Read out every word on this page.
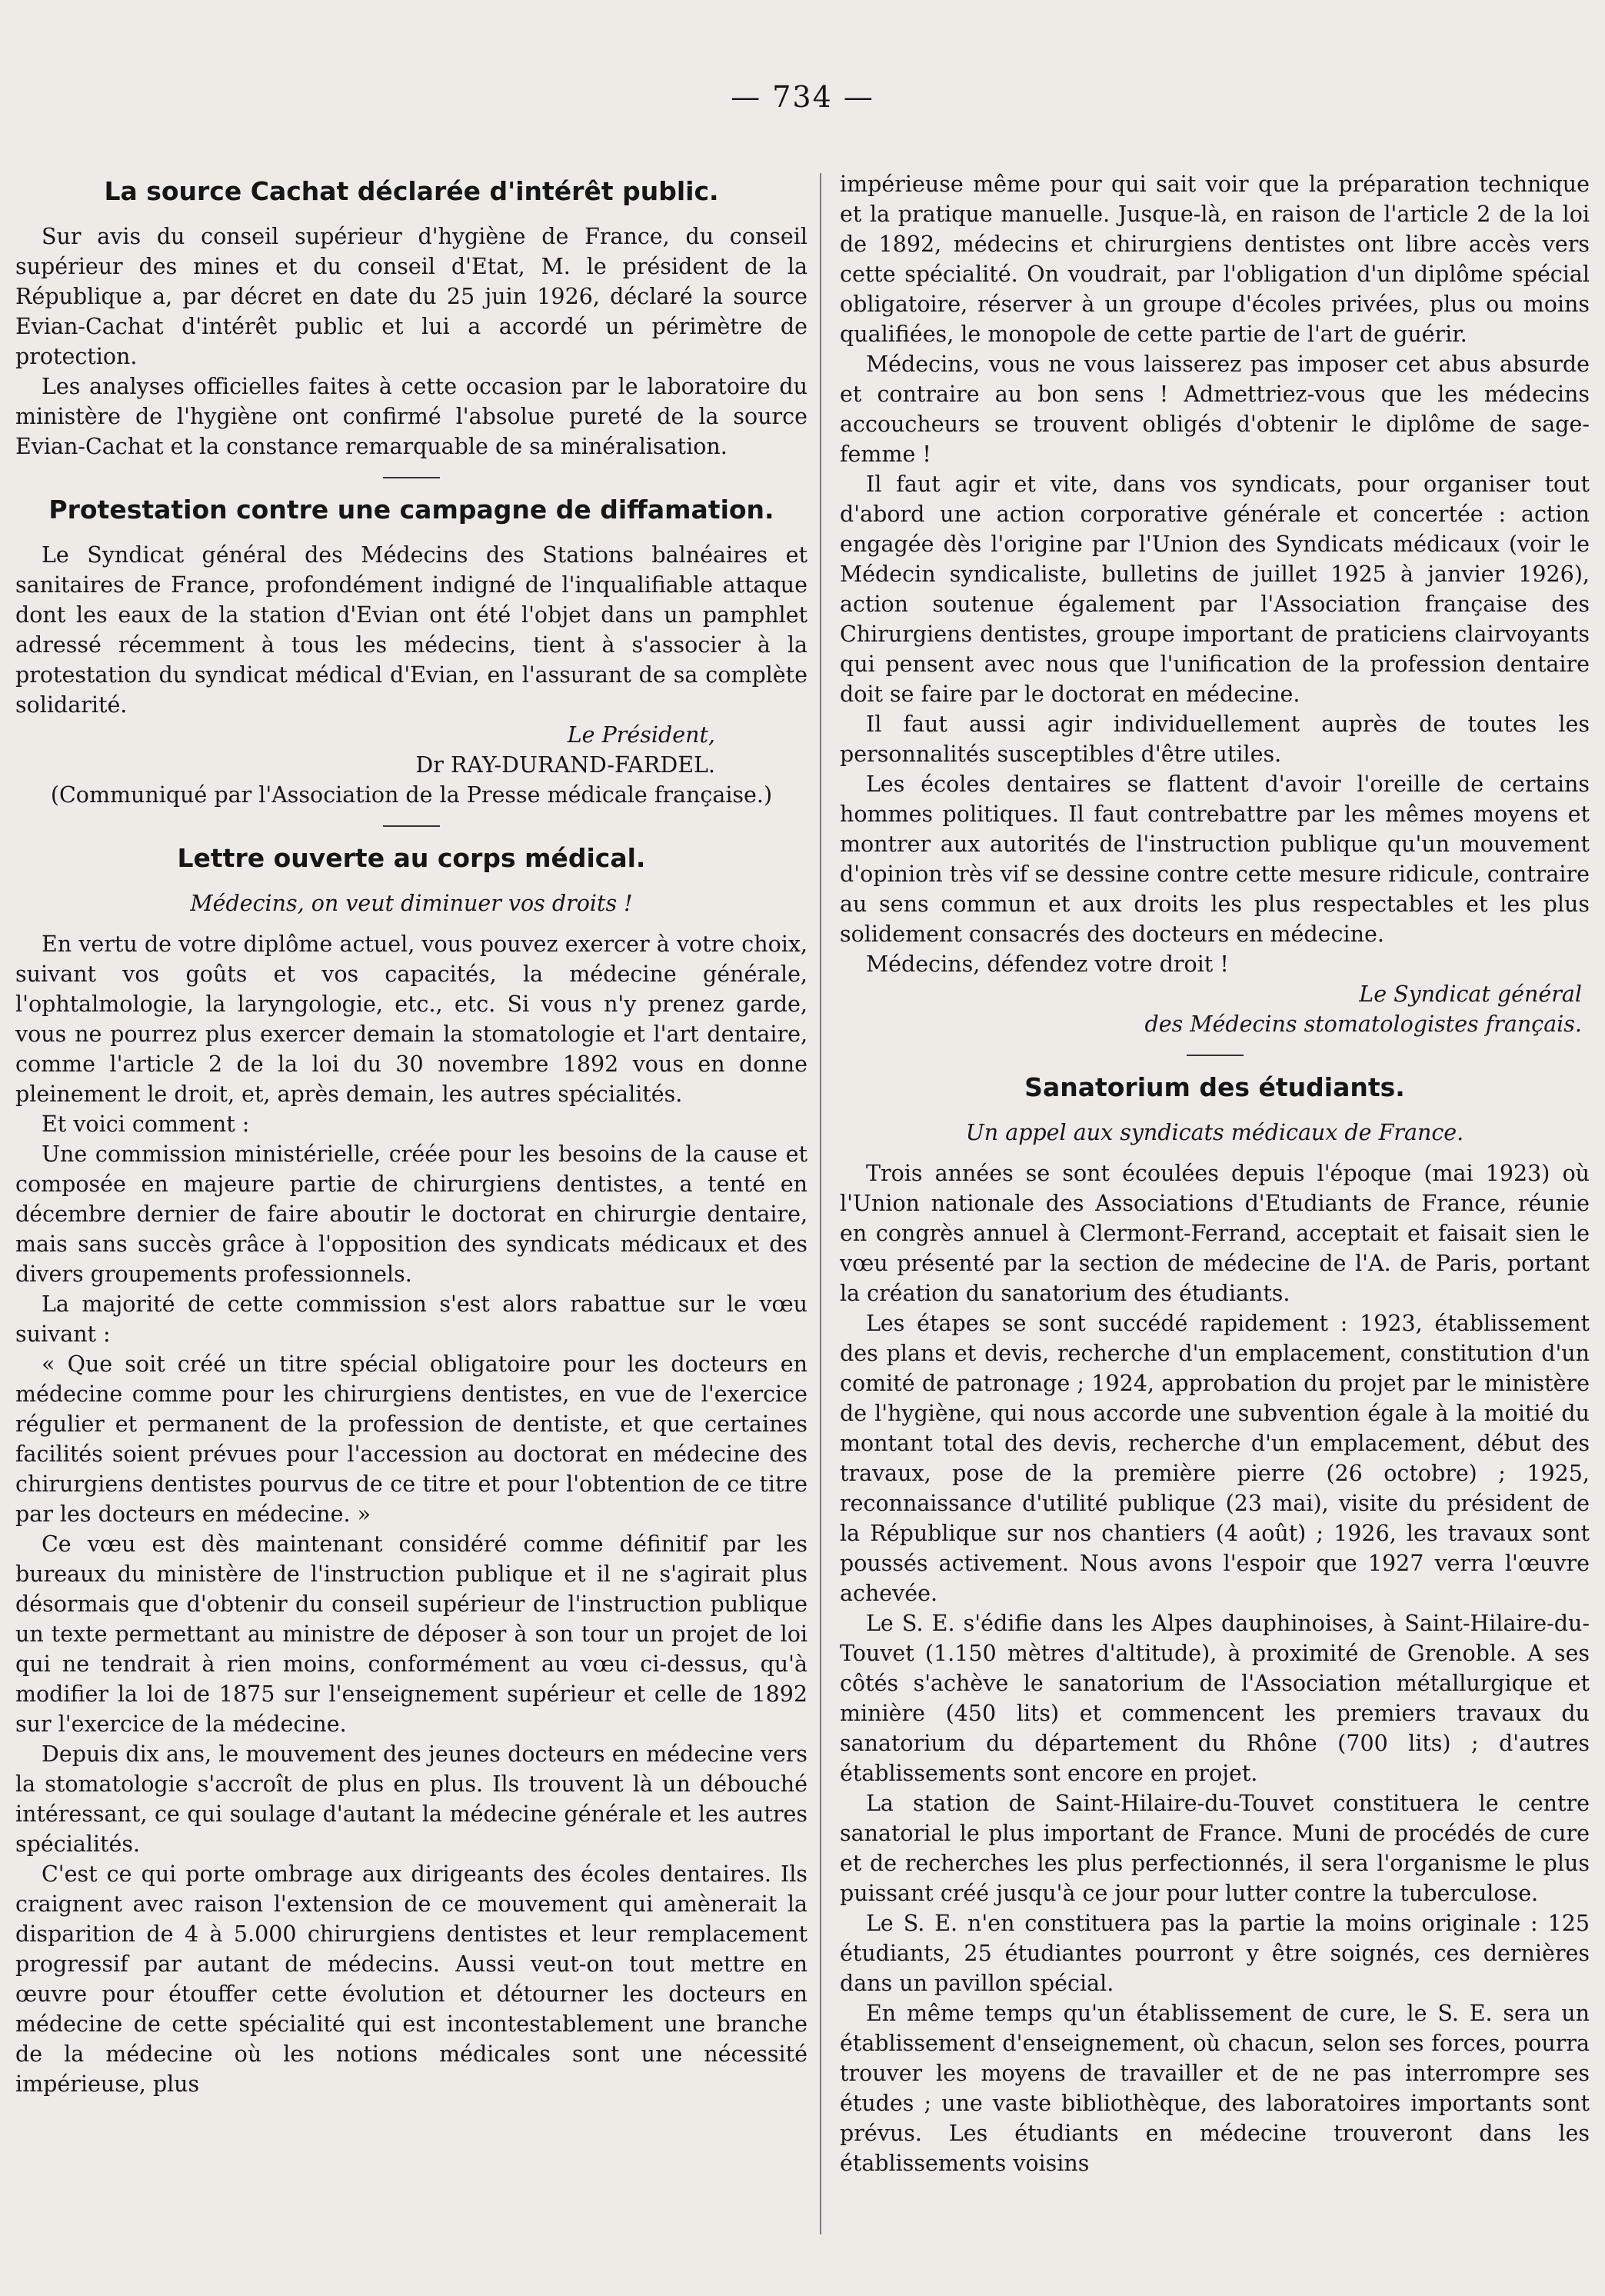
— 734 —
La source Cachat déclarée d'intérêt public.

Sur avis du conseil supérieur d'hygiène de France, du conseil supérieur des mines et du conseil d'Etat, M. le président de la République a, par décret en date du 25 juin 1926, déclaré la source Evian-Cachat d'intérêt public et lui a accordé un périmètre de protection.

Les analyses officielles faites à cette occasion par le laboratoire du ministère de l'hygiène ont confirmé l'absolue pureté de la source Evian-Cachat et la constance remarquable de sa minéralisation.

Protestation contre une campagne de diffamation.

Le Syndicat général des Médecins des Stations balnéaires et sanitaires de France, profondément indigné de l'inqualifiable attaque dont les eaux de la station d'Evian ont été l'objet dans un pamphlet adressé récemment à tous les médecins, tient à s'associer à la protestation du syndicat médical d'Evian, en l'assurant de sa complète solidarité.

Le Président,

Dr RAY-DURAND-FARDEL.

(Communiqué par l'Association de la Presse médicale française.)

Lettre ouverte au corps médical.

Médecins, on veut diminuer vos droits !

En vertu de votre diplôme actuel, vous pouvez exercer à votre choix, suivant vos goûts et vos capacités, la médecine générale, l'ophtalmologie, la laryngologie, etc., etc. Si vous n'y prenez garde, vous ne pourrez plus exercer demain la stomatologie et l'art dentaire, comme l'article 2 de la loi du 30 novembre 1892 vous en donne pleinement le droit, et, après demain, les autres spécialités.

Et voici comment :

Une commission ministérielle, créée pour les besoins de la cause et composée en majeure partie de chirurgiens dentistes, a tenté en décembre dernier de faire aboutir le doctorat en chirurgie dentaire, mais sans succès grâce à l'opposition des syndicats médicaux et des divers groupements professionnels.

La majorité de cette commission s'est alors rabattue sur le vœu suivant :

« Que soit créé un titre spécial obligatoire pour les docteurs en médecine comme pour les chirurgiens dentistes, en vue de l'exercice régulier et permanent de la profession de dentiste, et que certaines facilités soient prévues pour l'accession au doctorat en médecine des chirurgiens dentistes pourvus de ce titre et pour l'obtention de ce titre par les docteurs en médecine. »

Ce vœu est dès maintenant considéré comme définitif par les bureaux du ministère de l'instruction publique et il ne s'agirait plus désormais que d'obtenir du conseil supérieur de l'instruction publique un texte permettant au ministre de déposer à son tour un projet de loi qui ne tendrait à rien moins, conformément au vœu ci-dessus, qu'à modifier la loi de 1875 sur l'enseignement supérieur et celle de 1892 sur l'exercice de la médecine.

Depuis dix ans, le mouvement des jeunes docteurs en médecine vers la stomatologie s'accroît de plus en plus. Ils trouvent là un débouché intéressant, ce qui soulage d'autant la médecine générale et les autres spécialités.

C'est ce qui porte ombrage aux dirigeants des écoles dentaires. Ils craignent avec raison l'extension de ce mouvement qui amènerait la disparition de 4 à 5.000 chirurgiens dentistes et leur remplacement progressif par autant de médecins. Aussi veut-on tout mettre en œuvre pour étouffer cette évolution et détourner les docteurs en médecine de cette spécialité qui est incontestablement une branche de la médecine où les notions médicales sont une nécessité impérieuse, plus

impérieuse même pour qui sait voir que la préparation technique et la pratique manuelle. Jusque-là, en raison de l'article 2 de la loi de 1892, médecins et chirurgiens dentistes ont libre accès vers cette spécialité. On voudrait, par l'obligation d'un diplôme spécial obligatoire, réserver à un groupe d'écoles privées, plus ou moins qualifiées, le monopole de cette partie de l'art de guérir.

Médecins, vous ne vous laisserez pas imposer cet abus absurde et contraire au bon sens ! Admettriez-vous que les médecins accoucheurs se trouvent obligés d'obtenir le diplôme de sage-femme !

Il faut agir et vite, dans vos syndicats, pour organiser tout d'abord une action corporative générale et concertée : action engagée dès l'origine par l'Union des Syndicats médicaux (voir le Médecin syndicaliste, bulletins de juillet 1925 à janvier 1926), action soutenue également par l'Association française des Chirurgiens dentistes, groupe important de praticiens clairvoyants qui pensent avec nous que l'unification de la profession dentaire doit se faire par le doctorat en médecine.

Il faut aussi agir individuellement auprès de toutes les personnalités susceptibles d'être utiles.

Les écoles dentaires se flattent d'avoir l'oreille de certains hommes politiques. Il faut contrebattre par les mêmes moyens et montrer aux autorités de l'instruction publique qu'un mouvement d'opinion très vif se dessine contre cette mesure ridicule, contraire au sens commun et aux droits les plus respectables et les plus solidement consacrés des docteurs en médecine.

Médecins, défendez votre droit !

Le Syndicat général

des Médecins stomatologistes français.

Sanatorium des étudiants.

Un appel aux syndicats médicaux de France.

Trois années se sont écoulées depuis l'époque (mai 1923) où l'Union nationale des Associations d'Etudiants de France, réunie en congrès annuel à Clermont-Ferrand, acceptait et faisait sien le vœu présenté par la section de médecine de l'A. de Paris, portant la création du sanatorium des étudiants.

Les étapes se sont succédé rapidement : 1923, établissement des plans et devis, recherche d'un emplacement, constitution d'un comité de patronage ; 1924, approbation du projet par le ministère de l'hygiène, qui nous accorde une subvention égale à la moitié du montant total des devis, recherche d'un emplacement, début des travaux, pose de la première pierre (26 octobre) ; 1925, reconnaissance d'utilité publique (23 mai), visite du président de la République sur nos chantiers (4 août) ; 1926, les travaux sont poussés activement. Nous avons l'espoir que 1927 verra l'œuvre achevée.

Le S. E. s'édifie dans les Alpes dauphinoises, à Saint-Hilaire-du-Touvet (1.150 mètres d'altitude), à proximité de Grenoble. A ses côtés s'achève le sanatorium de l'Association métallurgique et minière (450 lits) et commencent les premiers travaux du sanatorium du département du Rhône (700 lits) ; d'autres établissements sont encore en projet.

La station de Saint-Hilaire-du-Touvet constituera le centre sanatorial le plus important de France. Muni de procédés de cure et de recherches les plus perfectionnés, il sera l'organisme le plus puissant créé jusqu'à ce jour pour lutter contre la tuberculose.

Le S. E. n'en constituera pas la partie la moins originale : 125 étudiants, 25 étudiantes pourront y être soignés, ces dernières dans un pavillon spécial.

En même temps qu'un établissement de cure, le S. E. sera un établissement d'enseignement, où chacun, selon ses forces, pourra trouver les moyens de travailler et de ne pas interrompre ses études ; une vaste bibliothèque, des laboratoires importants sont prévus. Les étudiants en médecine trouveront dans les établissements voisins
